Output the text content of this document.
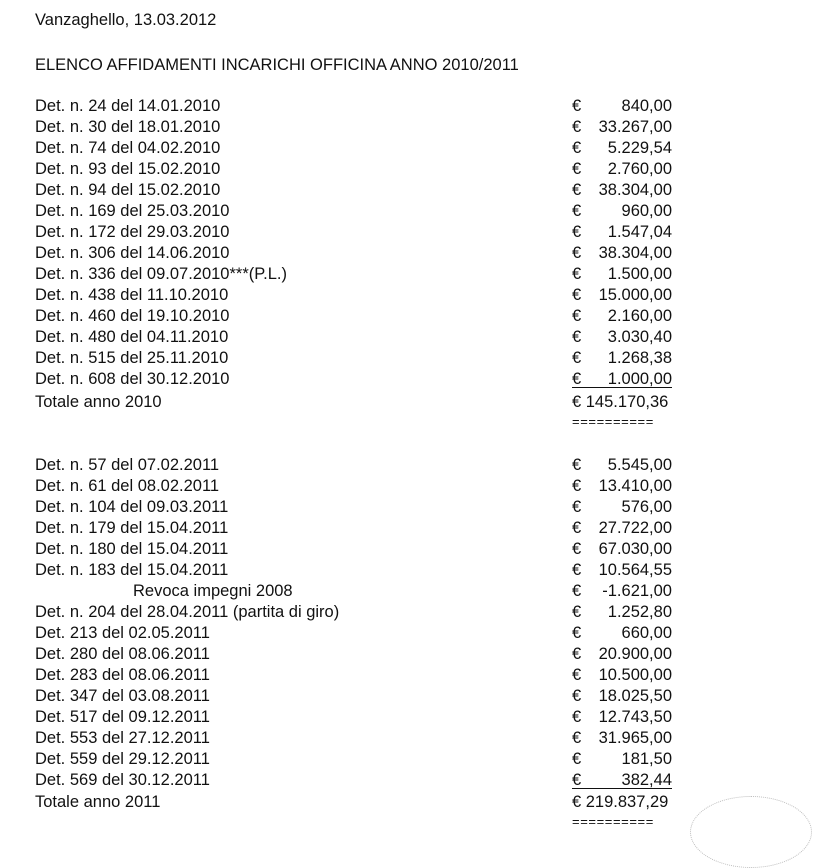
Vanzaghello, 13.03.2012
ELENCO AFFIDAMENTI INCARICHI OFFICINA ANNO 2010/2011
Det. n. 24 del 14.01.2010	€ 840,00
Det. n. 30 del 18.01.2010	€ 33.267,00
Det. n. 74 del 04.02.2010	€ 5.229,54
Det. n. 93 del 15.02.2010	€ 2.760,00
Det. n. 94 del 15.02.2010	€ 38.304,00
Det. n. 169 del 25.03.2010	€ 960,00
Det. n. 172 del 29.03.2010	€ 1.547,04
Det. n. 306 del 14.06.2010	€ 38.304,00
Det. n. 336 del 09.07.2010***(P.L.)	€ 1.500,00
Det. n. 438 del 11.10.2010	€ 15.000,00
Det. n. 460 del 19.10.2010	€ 2.160,00
Det. n. 480 del 04.11.2010	€ 3.030,40
Det. n. 515 del 25.11.2010	€ 1.268,38
Det. n. 608 del 30.12.2010	€ 1.000,00
Totale anno 2010	€ 145.170,36
==========
Det. n. 57 del 07.02.2011	€ 5.545,00
Det. n. 61 del 08.02.2011	€ 13.410,00
Det. n. 104 del 09.03.2011	€ 576,00
Det. n. 179 del 15.04.2011	€ 27.722,00
Det. n. 180 del 15.04.2011	€ 67.030,00
Det. n. 183 del 15.04.2011	€ 10.564,55
Revoca impegni 2008	€ -1.621,00
Det. n. 204 del 28.04.2011 (partita di giro)	€ 1.252,80
Det. 213 del 02.05.2011	€ 660,00
Det. 280 del 08.06.2011	€ 20.900,00
Det. 283 del 08.06.2011	€ 10.500,00
Det. 347 del 03.08.2011	€ 18.025,50
Det. 517 del 09.12.2011	€ 12.743,50
Det. 553 del 27.12.2011	€ 31.965,00
Det. 559 del 29.12.2011	€ 181,50
Det. 569 del 30.12.2011	€ 382,44
Totale anno 2011	€ 219.837,29
==========
